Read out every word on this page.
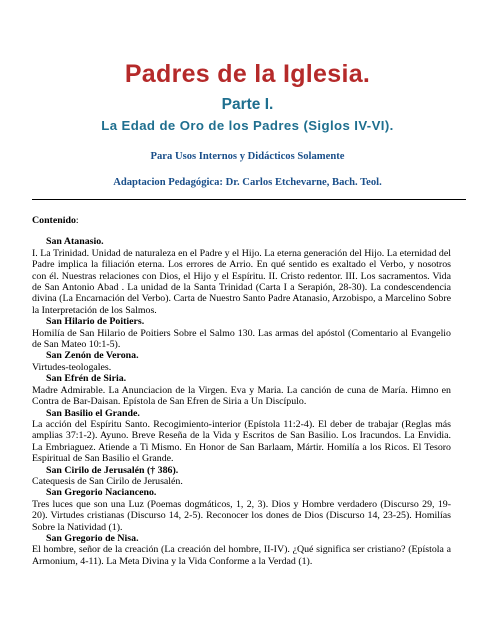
Padres de la Iglesia.
Parte I.
La Edad de Oro de los Padres (Siglos IV-VI).
Para Usos Internos y Didácticos Solamente
Adaptacion Pedagógica: Dr. Carlos Etchevarne, Bach. Teol.
Contenido:
San Atanasio.

I. La Trinidad. Unidad de naturaleza en el Padre y el Hijo. La eterna generación del Hijo. La eternidad del Padre implica la filiación eterna. Los errores de Arrio. En qué sentido es exaltado el Verbo, y nosotros con él. Nuestras relaciones con Dios, el Hijo y el Espíritu. II. Cristo redentor. III. Los sacramentos. Vida de San Antonio Abad . La unidad de la Santa Trinidad (Carta I a Serapión, 28-30). La condescendencia divina (La Encarnación del Verbo). Carta de Nuestro Santo Padre Atanasio, Arzobispo, a Marcelino Sobre la Interpretación de los Salmos.

San Hilario de Poitiers.

Homilía de San Hilario de Poitiers Sobre el Salmo 130. Las armas del apóstol (Comentario al Evangelio de San Mateo 10:1-5).

San Zenón de Verona.

Virtudes-teologales.

San Efrén de Siria.

Madre Admirable. La Anunciacion de la Virgen. Eva y Maria. La canción de cuna de María. Himno en Contra de Bar-Daisan. Epístola de San Efren de Siria a Un Discípulo.

San Basilio el Grande.

La acción del Espíritu Santo. Recogimiento-interior (Epístola 11:2-4). El deber de trabajar (Reglas más amplias 37:1-2). Ayuno. Breve Reseña de la Vida y Escritos de San Basilio. Los Iracundos. La Envidia. La Embriaguez. Atiende a Ti Mismo. En Honor de San Barlaam, Mártir. Homilía a los Ricos. El Tesoro Espiritual de San Basilio el Grande.

San Cirilo de Jerusalén († 386).

Catequesis de San Cirilo de Jerusalén.

San Gregorio Nacianceno.

Tres luces que son una Luz (Poemas dogmáticos, 1, 2, 3). Dios y Hombre verdadero (Discurso 29, 19-20). Virtudes cristianas (Discurso 14, 2-5). Reconocer los dones de Dios (Discurso 14, 23-25). Homilías Sobre la Natividad (1).

San Gregorio de Nisa.

El hombre, señor de la creación (La creación del hombre, II-IV). ¿Qué significa ser cristiano? (Epístola a Armonium, 4-11). La Meta Divina y la Vida Conforme a la Verdad (1).
